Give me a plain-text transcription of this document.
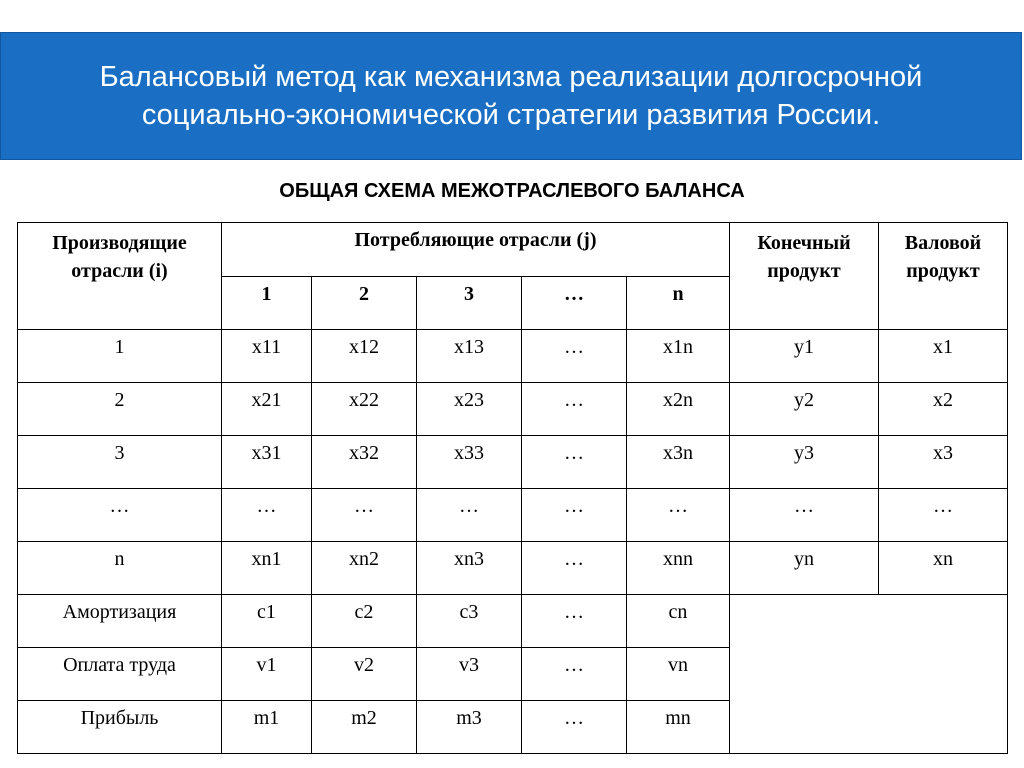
Балансовый метод как механизма реализации долгосрочной социально-экономической стратегии развития России.
ОБЩАЯ СХЕМА МЕЖОТРАСЛЕВОГО БАЛАНСА
Производящие отрасли (i)	Потребляющие отрасли (j)					Конечный продукт	Валовой продукт
	1	2	3	…	n		
1	x11	x12	x13	…	x1n	y1	x1
2	x21	x22	x23	…	x2n	y2	x2
3	x31	x32	x33	…	x3n	y3	x3
…	…	…	…	…	…	…	…
n	xn1	xn2	xn3	…	xnn	yn	xn
Амортизация	c1	c2	c3	…	cn		
Оплата труда	v1	v2	v3	…	vn		
Прибыль	m1	m2	m3	…	mn		
